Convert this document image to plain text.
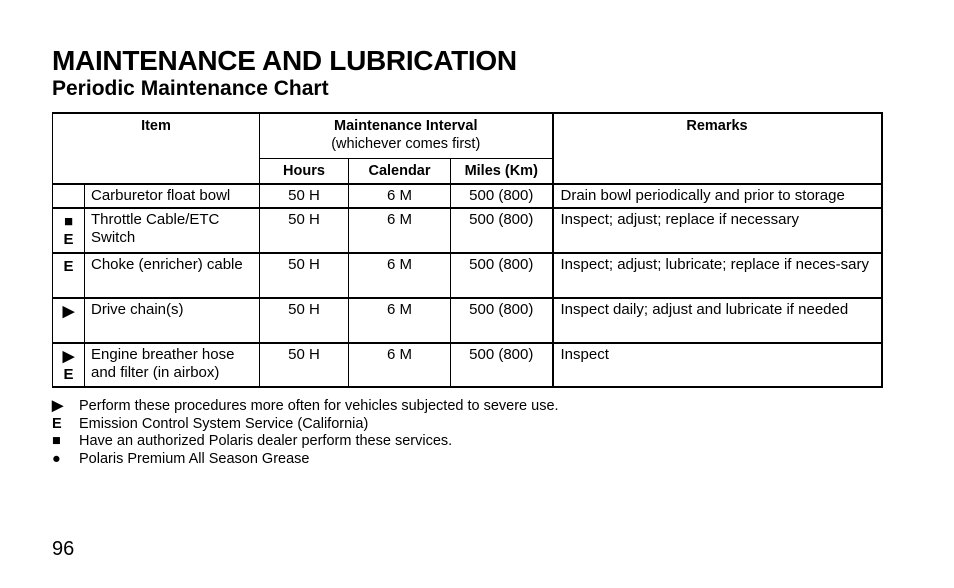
MAINTENANCE AND LUBRICATION
Periodic Maintenance Chart
Item		Maintenance Interval
(whichever comes first)			Remarks
		Hours	Calendar	Miles (Km)	

	Carburetor float bowl	50 H	6 M	500 (800)	Drain bowl periodically and prior to storage

■
E	Throttle Cable/ETC Switch	50 H	6 M	500 (800)	Inspect; adjust; replace if necessary

E	Choke (enricher) cable	50 H	6 M	500 (800)	Inspect; adjust; lubricate; replace if neces-sary

▶	Drive chain(s)	50 H	6 M	500 (800)	Inspect daily; adjust and lubricate if needed

▶
E	Engine breather hose and filter (in airbox)	50 H	6 M	500 (800)	Inspect
▶	Perform these procedures more often for vehicles subjected to severe use.
E	Emission Control System Service (California)
■	Have an authorized Polaris dealer perform these services.
●	Polaris Premium All Season Grease
96
